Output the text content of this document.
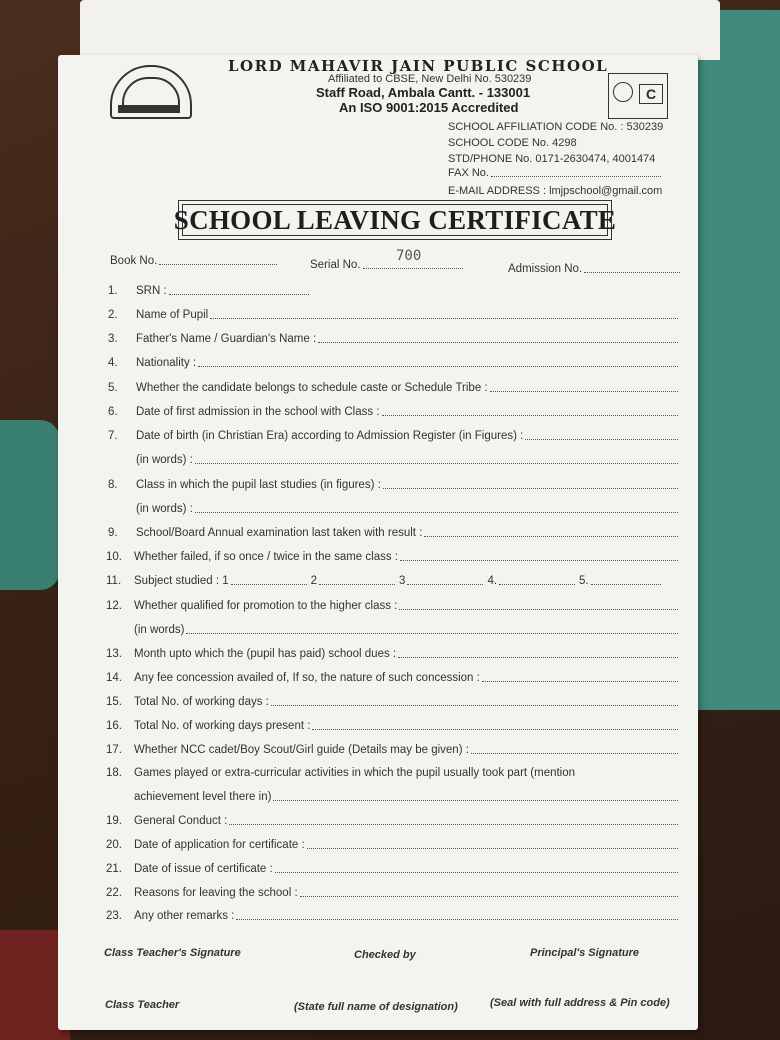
LORD MAHAVIR JAIN PUBLIC SCHOOL
Affiliated to CBSE, New Delhi No. 530239
Staff Road, Ambala Cantt. - 133001
An ISO 9001:2015 Accredited
C
SCHOOL AFFILIATION CODE No. : 530239
SCHOOL CODE No. 4298
STD/PHONE No. 0171-2630474, 4001474
FAX No.
E-MAIL ADDRESS : lmjpschool@gmail.com
SCHOOL LEAVING CERTIFICATE
Book No.	Serial No.
700
Admission No.
1.	SRN :
2.	Name of Pupil
3.	Father's Name / Guardian's Name :
4.	Nationality :
5.	Whether the candidate belongs to schedule caste or Schedule Tribe :
6.	Date of first admission in the school with Class :
7.	Date of birth (in Christian Era) according to Admission Register (in Figures) :
(in words) :
8.	Class in which the pupil last studies (in figures) :
(in words) :
9.	School/Board Annual examination last taken with result :
10.	Whether failed, if so once / twice in the same class :
11.	Subject studied : 1	2	3	4.	5.
12.	Whether qualified for promotion to the higher class :
(in words)
13.	Month upto which the (pupil has paid) school dues :
14.	Any fee concession availed of, If so, the nature of such concession :
15.	Total No. of working days :
16.	Total No. of working days present :
17.	Whether NCC cadet/Boy Scout/Girl guide (Details may be given) :
18.	Games played or extra-curricular activities in which the pupil usually took part (mention
achievement level there in)
19.	General Conduct :
20.	Date of application for certificate :
21.	Date of issue of certificate :
22.	Reasons for leaving the school :
23.	Any other remarks :
Class Teacher's Signature	Checked by	Principal's Signature
Class Teacher	(State full name of designation)	(Seal with full address & Pin code)
